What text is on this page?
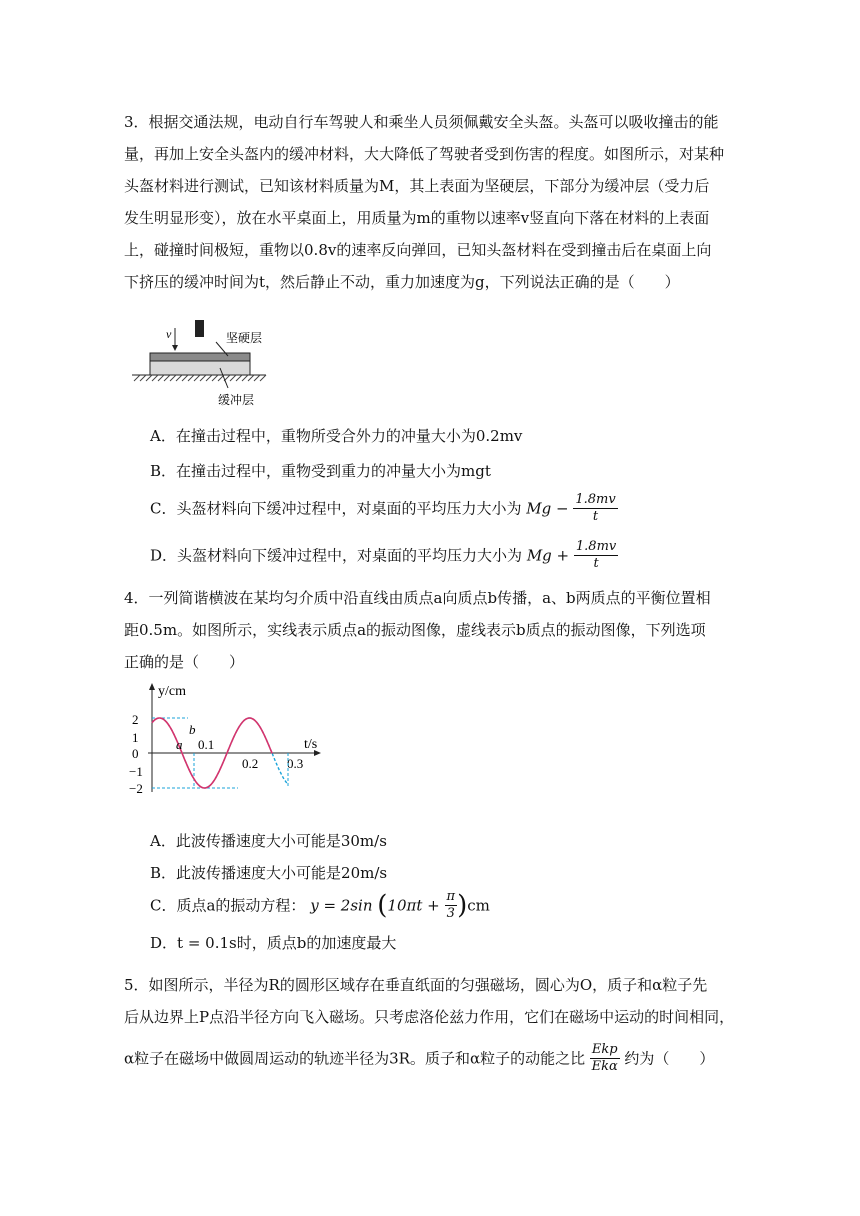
3．根据交通法规，电动自行车驾驶人和乘坐人员须佩戴安全头盔。头盔可以吸收撞击的能
量，再加上安全头盔内的缓冲材料，大大降低了驾驶者受到伤害的程度。如图所示，对某种
头盔材料进行测试，已知该材料质量为M，其上表面为坚硬层，下部分为缓冲层（受力后
发生明显形变），放在水平桌面上，用质量为m的重物以速率v竖直向下落在材料的上表面
上，碰撞时间极短，重物以0.8v的速率反向弹回，已知头盔材料在受到撞击后在桌面上向
下挤压的缓冲时间为t，然后静止不动，重力加速度为g，下列说法正确的是（　　）
v	坚硬层
缓冲层
A．在撞击过程中，重物所受合外力的冲量大小为0.2mv
B．在撞击过程中，重物受到重力的冲量大小为mgt
C．头盔材料向下缓冲过程中，对桌面的平均压力大小为 $Mg - \frac{1.8mv}{t}$
D．头盔材料向下缓冲过程中，对桌面的平均压力大小为 $Mg + \frac{1.8mv}{t}$
4．一列简谐横波在某均匀介质中沿直线由质点a向质点b传播，a、b两质点的平衡位置相
距0.5m。如图所示，实线表示质点a的振动图像，虚线表示b质点的振动图像，下列选项
正确的是（　　）
y/cm
t/s
2
1
0
−1
−2
0.1
0.2 0.3
a
b
A．此波传播速度大小可能是30m/s
B．此波传播速度大小可能是20m/s
C．质点a的振动方程： y = 2sin $(10\pi t + \frac{\pi}{3} )cm$
D．t = 0.1s时，质点b的加速度最大
5．如图所示，半径为R的圆形区域存在垂直纸面的匀强磁场，圆心为O，质子和α粒子先
后从边界上P点沿半径方向飞入磁场。只考虑洛伦兹力作用，它们在磁场中运动的时间相同，
α粒子在磁场中做圆周运动的轨迹半径为3R。质子和α粒子的动能之比 $\frac{\text{Ekp}}{\text{Ekα}}$ 约为（　　）
